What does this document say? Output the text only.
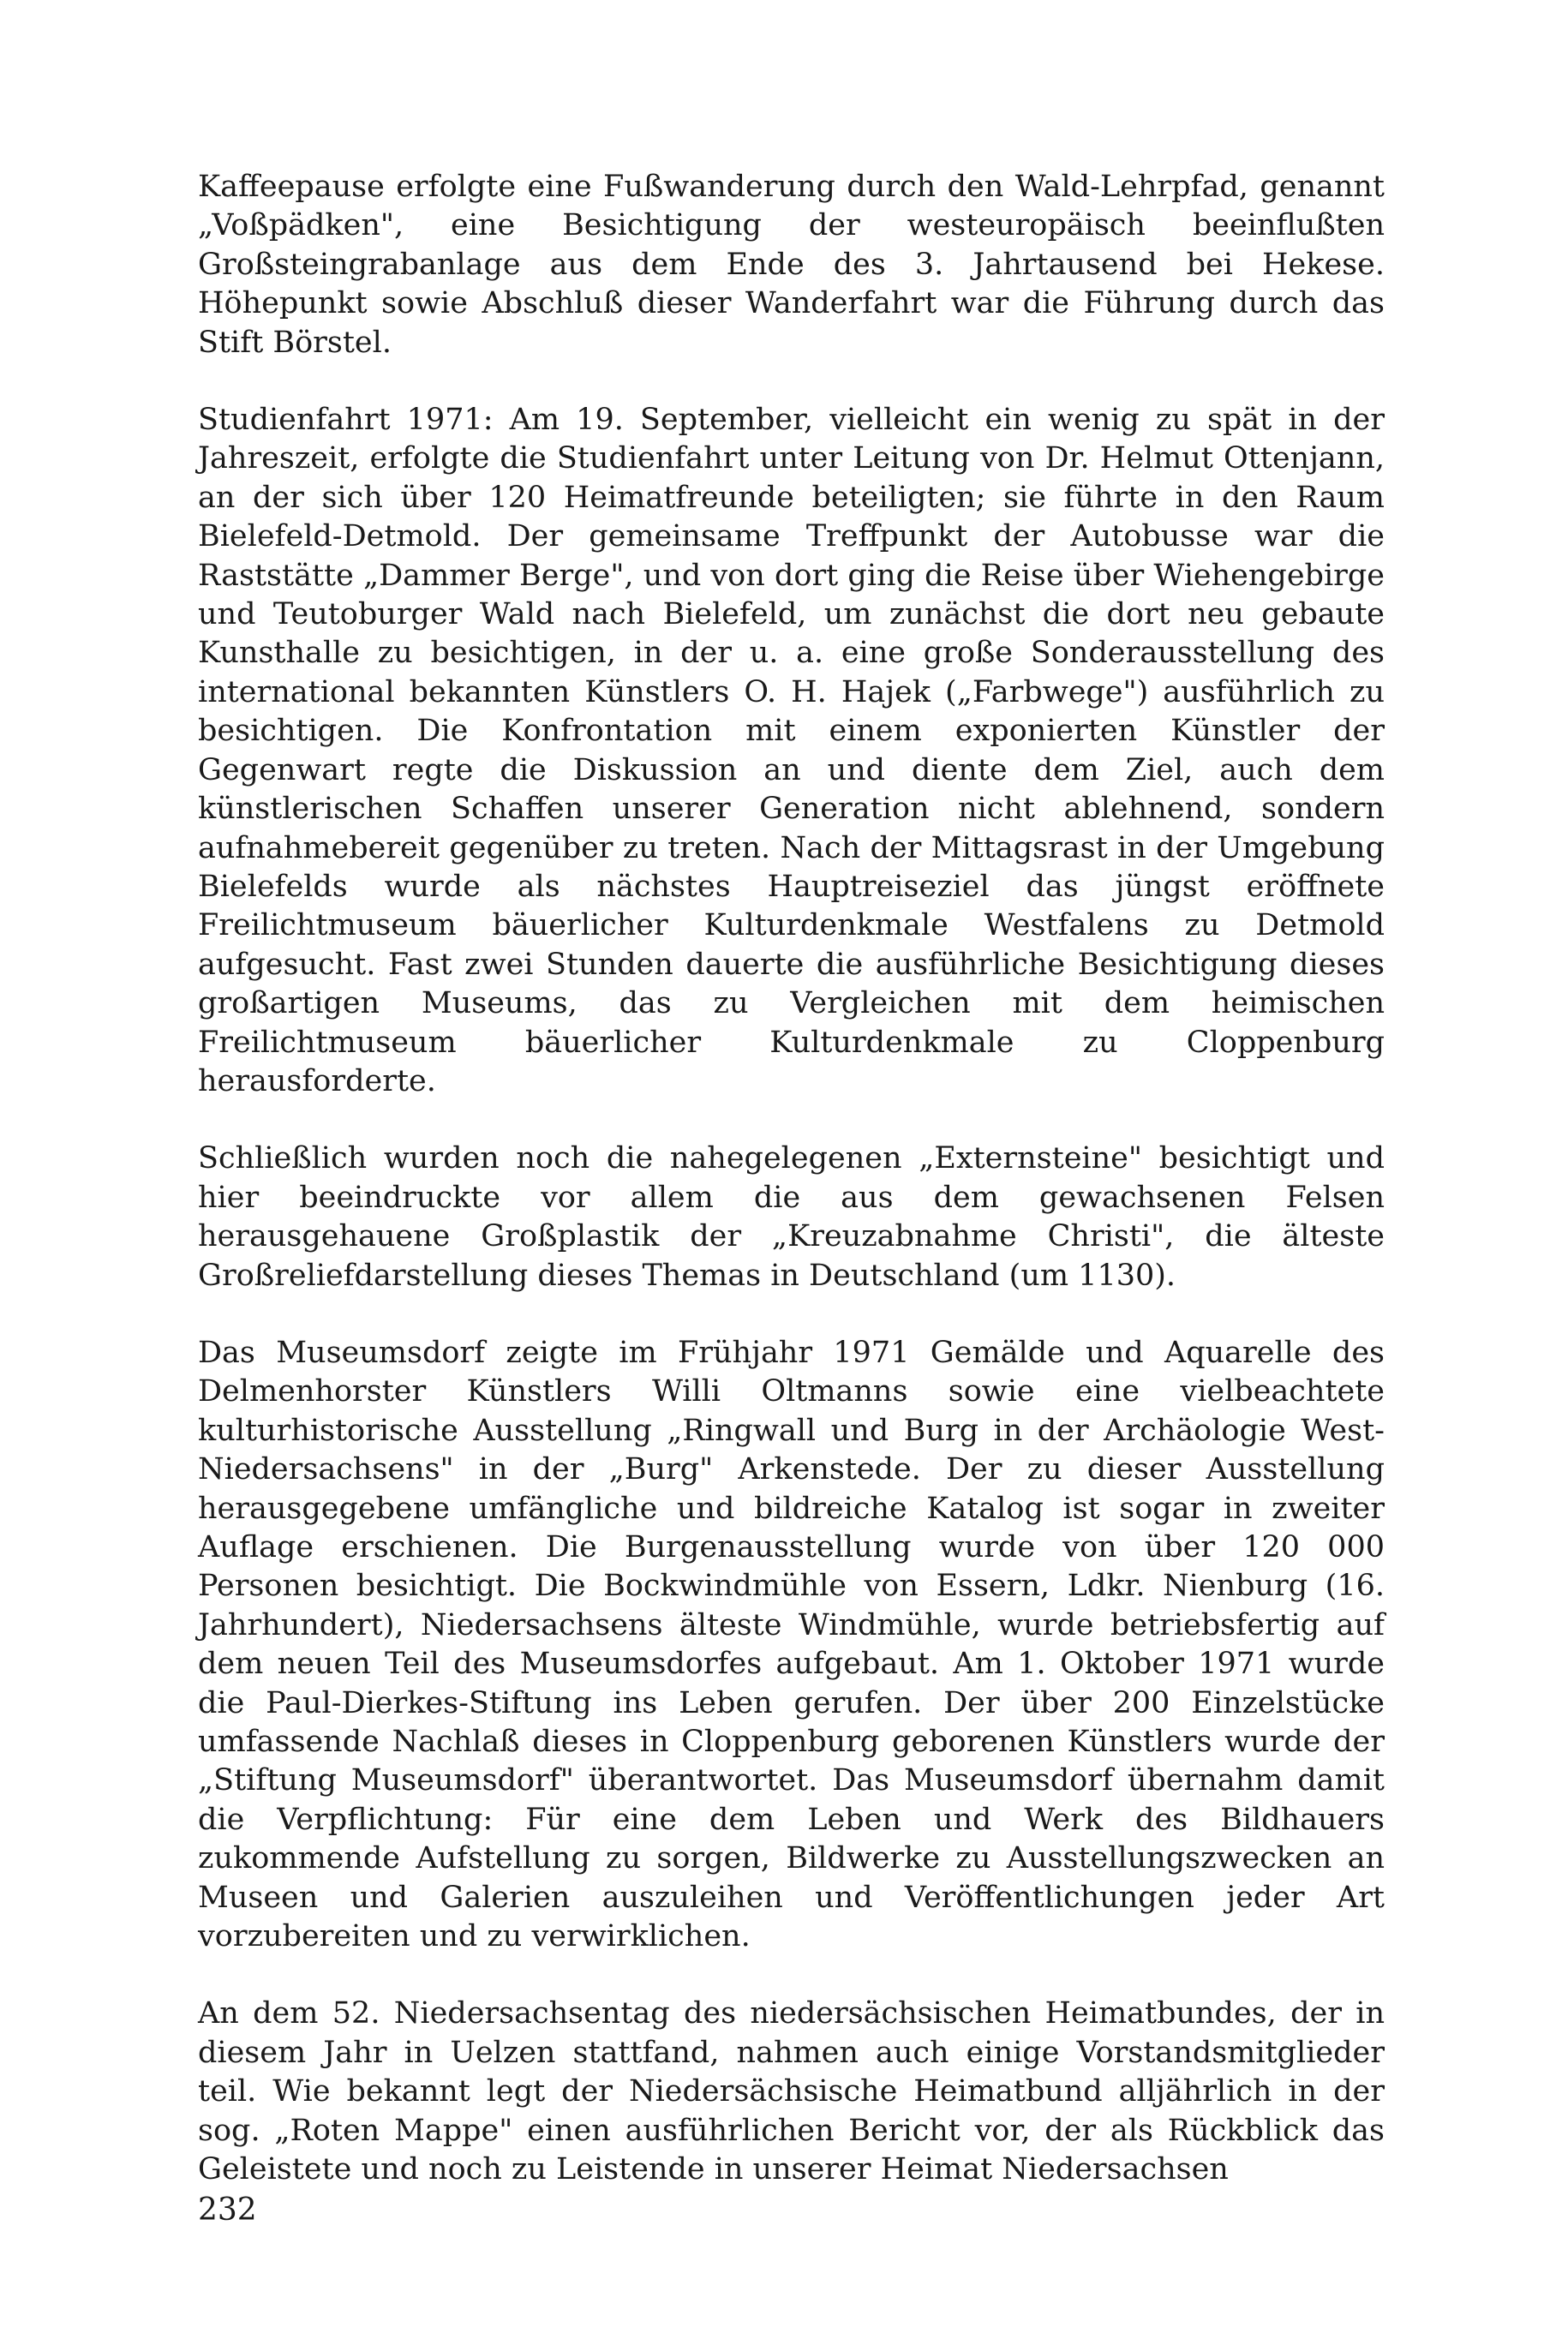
Kaffeepause erfolgte eine Fußwanderung durch den Wald-Lehrpfad, genannt „Voßpädken", eine Besichtigung der westeuropäisch beeinflußten Großsteingrabanlage aus dem Ende des 3. Jahrtausend bei Hekese. Höhepunkt sowie Abschluß dieser Wanderfahrt war die Führung durch das Stift Börstel.

Studienfahrt 1971: Am 19. September, vielleicht ein wenig zu spät in der Jahreszeit, erfolgte die Studienfahrt unter Leitung von Dr. Helmut Ottenjann, an der sich über 120 Heimatfreunde beteiligten; sie führte in den Raum Bielefeld-Detmold. Der gemeinsame Treffpunkt der Autobusse war die Raststätte „Dammer Berge", und von dort ging die Reise über Wiehengebirge und Teutoburger Wald nach Bielefeld, um zunächst die dort neu gebaute Kunsthalle zu besichtigen, in der u. a. eine große Sonderausstellung des international bekannten Künstlers O. H. Hajek („Farbwege") ausführlich zu besichtigen. Die Konfrontation mit einem exponierten Künstler der Gegenwart regte die Diskussion an und diente dem Ziel, auch dem künstlerischen Schaffen unserer Generation nicht ablehnend, sondern aufnahmebereit gegenüber zu treten. Nach der Mittagsrast in der Umgebung Bielefelds wurde als nächstes Hauptreiseziel das jüngst eröffnete Freilichtmuseum bäuerlicher Kulturdenkmale Westfalens zu Detmold aufgesucht. Fast zwei Stunden dauerte die ausführliche Besichtigung dieses großartigen Museums, das zu Vergleichen mit dem heimischen Freilichtmuseum bäuerlicher Kulturdenkmale zu Cloppenburg herausforderte.

Schließlich wurden noch die nahegelegenen „Externsteine" besichtigt und hier beeindruckte vor allem die aus dem gewachsenen Felsen herausgehauene Großplastik der „Kreuzabnahme Christi", die älteste Großreliefdarstellung dieses Themas in Deutschland (um 1130).

Das Museumsdorf zeigte im Frühjahr 1971 Gemälde und Aquarelle des Delmenhorster Künstlers Willi Oltmanns sowie eine vielbeachtete kulturhistorische Ausstellung „Ringwall und Burg in der Archäologie West-Niedersachsens" in der „Burg" Arkenstede. Der zu dieser Ausstellung herausgegebene umfängliche und bildreiche Katalog ist sogar in zweiter Auflage erschienen. Die Burgenausstellung wurde von über 120 000 Personen besichtigt. Die Bockwindmühle von Essern, Ldkr. Nienburg (16. Jahrhundert), Niedersachsens älteste Windmühle, wurde betriebsfertig auf dem neuen Teil des Museumsdorfes aufgebaut. Am 1. Oktober 1971 wurde die Paul-Dierkes-Stiftung ins Leben gerufen. Der über 200 Einzelstücke umfassende Nachlaß dieses in Cloppenburg geborenen Künstlers wurde der „Stiftung Museumsdorf" überantwortet. Das Museumsdorf übernahm damit die Verpflichtung: Für eine dem Leben und Werk des Bildhauers zukommende Aufstellung zu sorgen, Bildwerke zu Ausstellungszwecken an Museen und Galerien auszuleihen und Veröffentlichungen jeder Art vorzubereiten und zu verwirklichen.

An dem 52. Niedersachsentag des niedersächsischen Heimatbundes, der in diesem Jahr in Uelzen stattfand, nahmen auch einige Vorstandsmitglieder teil. Wie bekannt legt der Niedersächsische Heimatbund alljährlich in der sog. „Roten Mappe" einen ausführlichen Bericht vor, der als Rückblick das Geleistete und noch zu Leistende in unserer Heimat Niedersachsen

232
